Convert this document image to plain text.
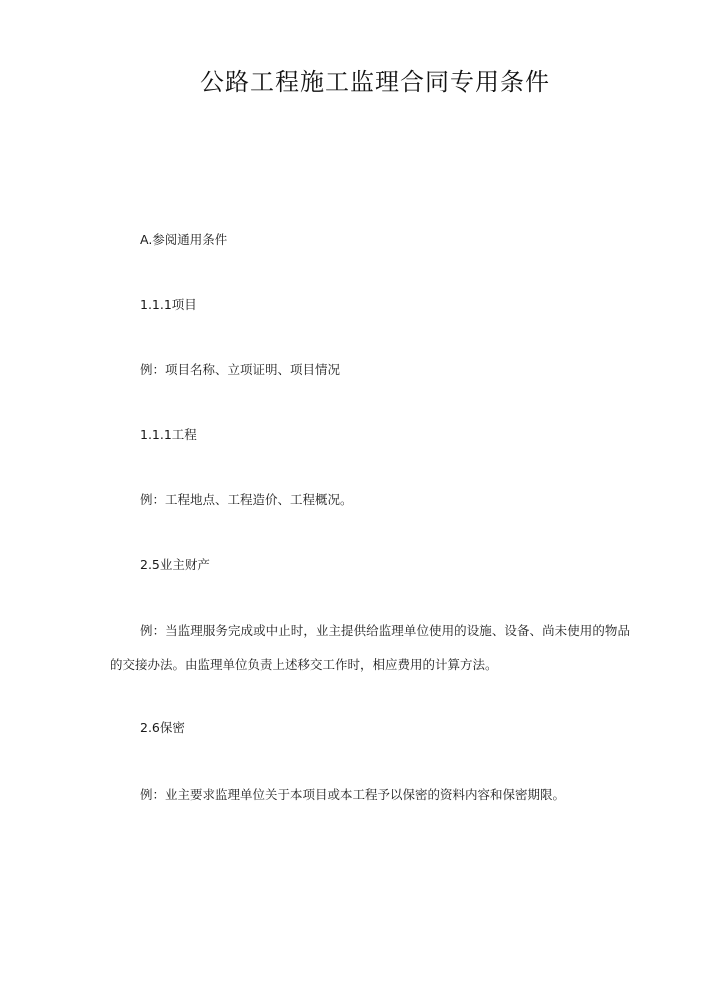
公路工程施工监理合同专用条件
A.参阅通用条件
1.1.1项目
例：项目名称、立项证明、项目情况
1.1.1工程
例：工程地点、工程造价、工程概况。
2.5业主财产
例：当监理服务完成或中止时，业主提供给监理单位使用的设施、设备、尚未使用的物品的交接办法。由监理单位负责上述移交工作时，相应费用的计算方法。
2.6保密
例：业主要求监理单位关于本项目或本工程予以保密的资料内容和保密期限。
